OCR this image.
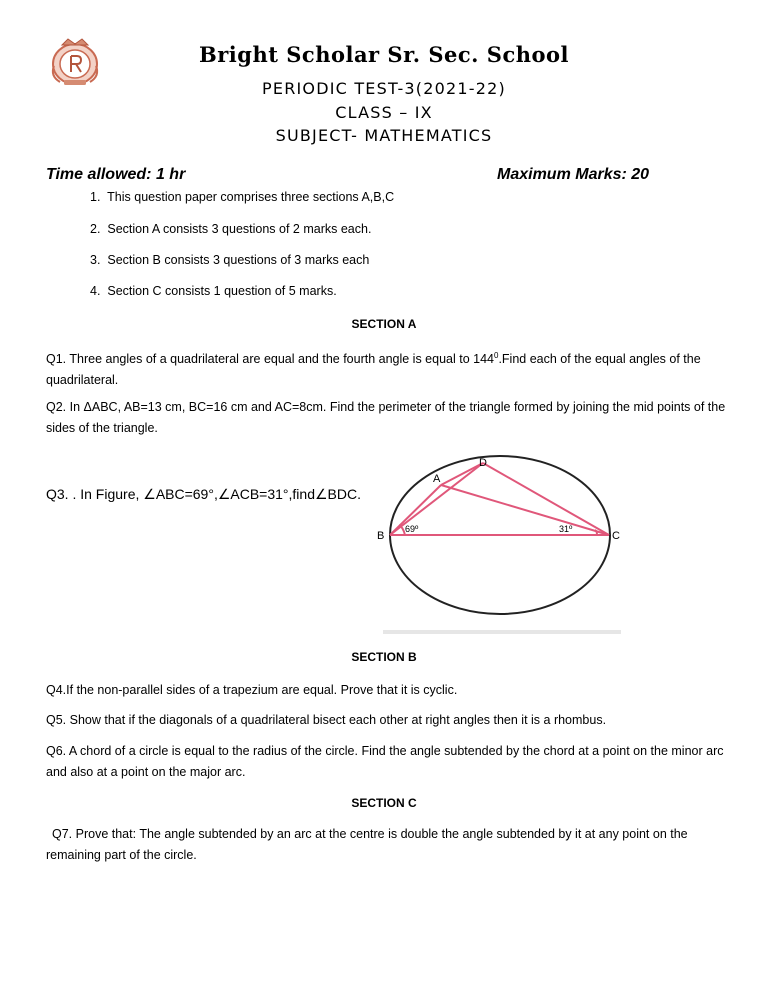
Bright Scholar Sr. Sec. School
PERIODIC TEST-3(2021-22)
CLASS – IX
SUBJECT- MATHEMATICS
Time allowed: 1 hr	Maximum Marks: 20
1. This question paper comprises three sections A,B,C
2. Section A consists 3 questions of 2 marks each.
3. Section B consists 3 questions of 3 marks each
4. Section C consists 1 question of 5 marks.
SECTION A
Q1. Three angles of a quadrilateral are equal and the fourth angle is equal to $144^0.Find$ each of the equal angles of the quadrilateral.
Q2. In ΔABC, AB=13 cm, BC=16 cm and AC=8cm. Find the perimeter of the triangle formed by joining the mid points of the sides of the triangle.
Q3. . In Figure, ∠ABC=69°,∠ACB=31°,find∠BDC.
A
D
B	C
69º	31º
SECTION B
Q4.If the non-parallel sides of a trapezium are equal. Prove that it is cyclic.
Q5. Show that if the diagonals of a quadrilateral bisect each other at right angles then it is a rhombus.
Q6. A chord of a circle is equal to the radius of the circle. Find the angle subtended by the chord at a point on the minor arc and also at a point on the major arc.
SECTION C
Q7. Prove that: The angle subtended by an arc at the centre is double the angle subtended by it at any point on the remaining part of the circle.
